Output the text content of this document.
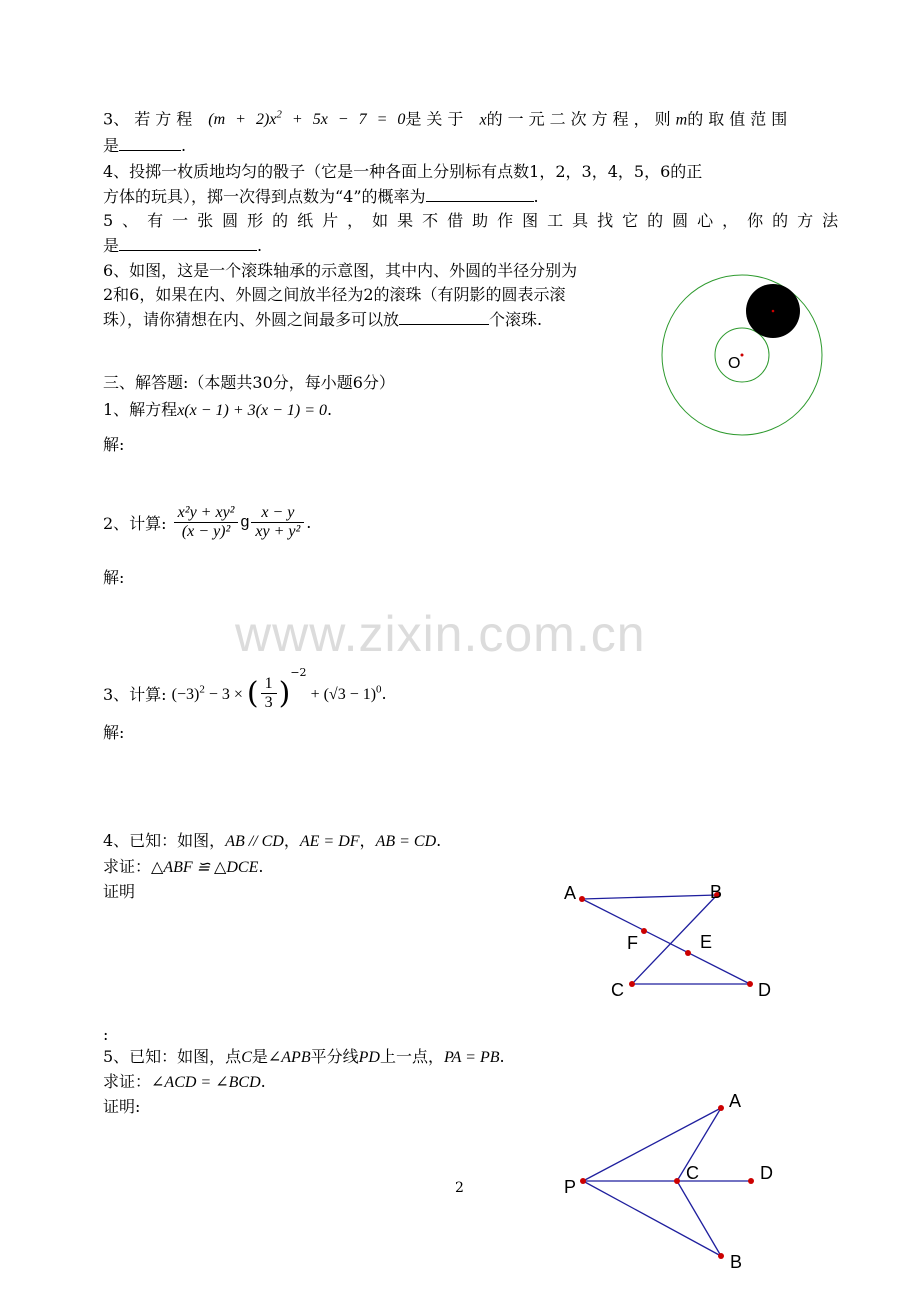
3、若方程 $(m + 2)x^2 + 5x - 7 = 0$是关于 x的一元二次方程，则m的取值范围
是	.
4、投掷一枚质地均匀的骰子（它是一种各面上分别标有点数1，2，3，4，5，6的正
方体的玩具），掷一次得到点数为“4”的概率为	.
5、有一张圆形的纸片，如果不借助作图工具找它的圆心，你的方法
是	.
6、如图，这是一个滚珠轴承的示意图，其中内、外圆的半径分别为
2和6，如果在内、外圆之间放半径为2的滚珠（有阴影的圆表示滚
珠），请你猜想在内、外圆之间最多可以放	个滚珠.
O
三、解答题:（本题共30分，每小题6分）
1、解方程x(x − 1) + 3(x − 1) = 0.
解:
2、计算: $\frac{\text{x²y + xy²}}{\text{(x − y)²}}$ g $\frac{x - y}{\text{xy + y²}}$ .
解:
www.zixin.com.cn
3、计算: $(-3)^2 - 3$ × ( $\frac{1}{3} )^{-2} + (√3 - 1)^0$.
解:
4、已知：如图，AB // CD，AE = DF，AB = CD.
求证：△ABF ≌ △DCE.
证明	A	B
C	D
E
F
:
5、已知：如图，点C是∠APB平分线PD上一点，PA = PB.
求证：∠ACD = ∠BCD.
证明:	A
B
C	D
P
2
